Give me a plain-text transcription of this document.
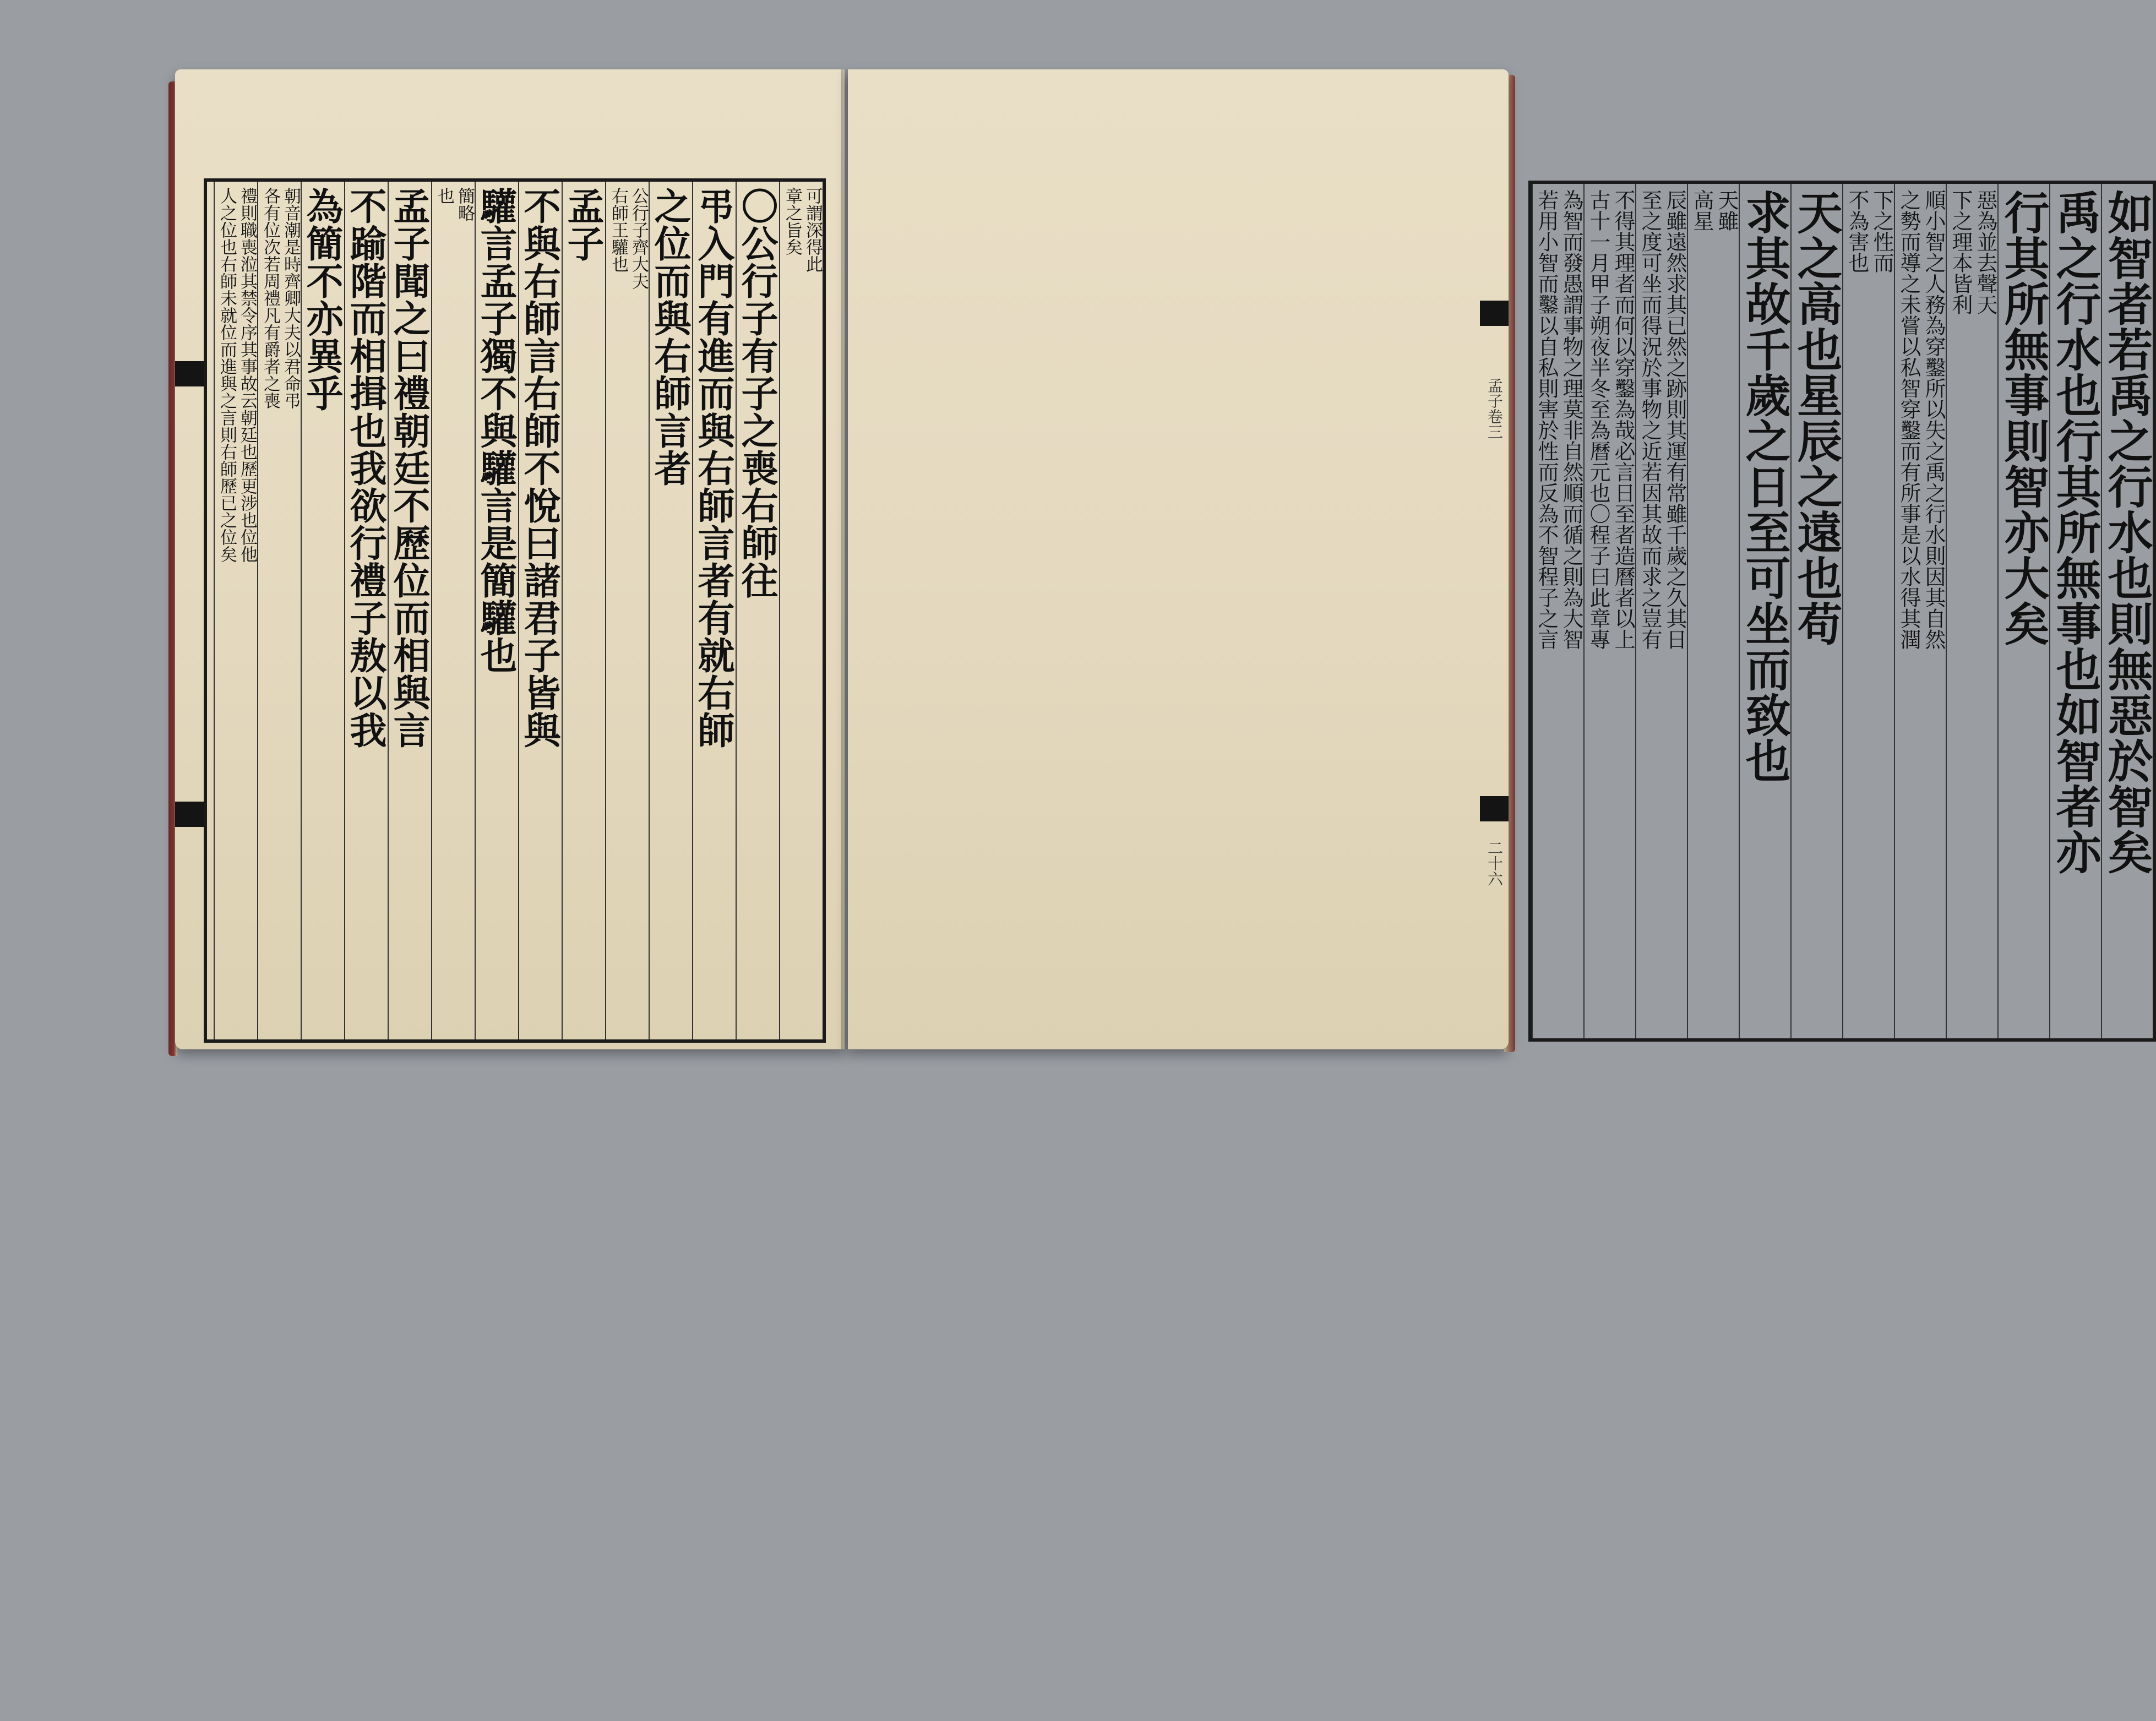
可謂深得此
章之旨矣
〇公行子有子之喪右師往
弔入門有進而與右師言者有就右師
之位而與右師言者
公行子齊大夫
右師王驩也
孟子
不與右師言右師不悅曰諸君子皆與
驩言孟子獨不與驩言是簡驩也
簡略
也
孟子聞之曰禮朝廷不歷位而相與言
不踰階而相揖也我欲行禮子敖以我
為簡不亦異乎
朝音潮是時齊卿大夫以君命弔
各有位次若周禮凡有爵者之喪
禮則職喪涖其禁令序其事故云朝廷也歷更涉也位他
人之位也右師未就位而進與之言則右師歷已之位矣	如智者若禹之行水也則無惡於智矣
禹之行水也行其所無事也如智者亦
行其所無事則智亦大矣
惡為並去聲天
下之理本皆利
順小智之人務為穿鑿所以失之禹之行水則因其自然
之勢而導之未嘗以私智穿鑿而有所事是以水得其潤
下之性而
不為害也
天之高也星辰之遠也苟
求其故千歲之日至可坐而致也
天雖
高星
辰雖遠然求其已然之跡則其運有常雖千歲之久其日
至之度可坐而得況於事物之近若因其故而求之豈有
不得其理者而何以穿鑿為哉必言日至者造曆者以上
古十一月甲子朔夜半冬至為曆元也〇程子曰此章專
為智而發愚謂事物之理莫非自然順而循之則為大智
若用小智而鑿以自私則害於性而反為不智程子之言
孟子卷三
二十六
